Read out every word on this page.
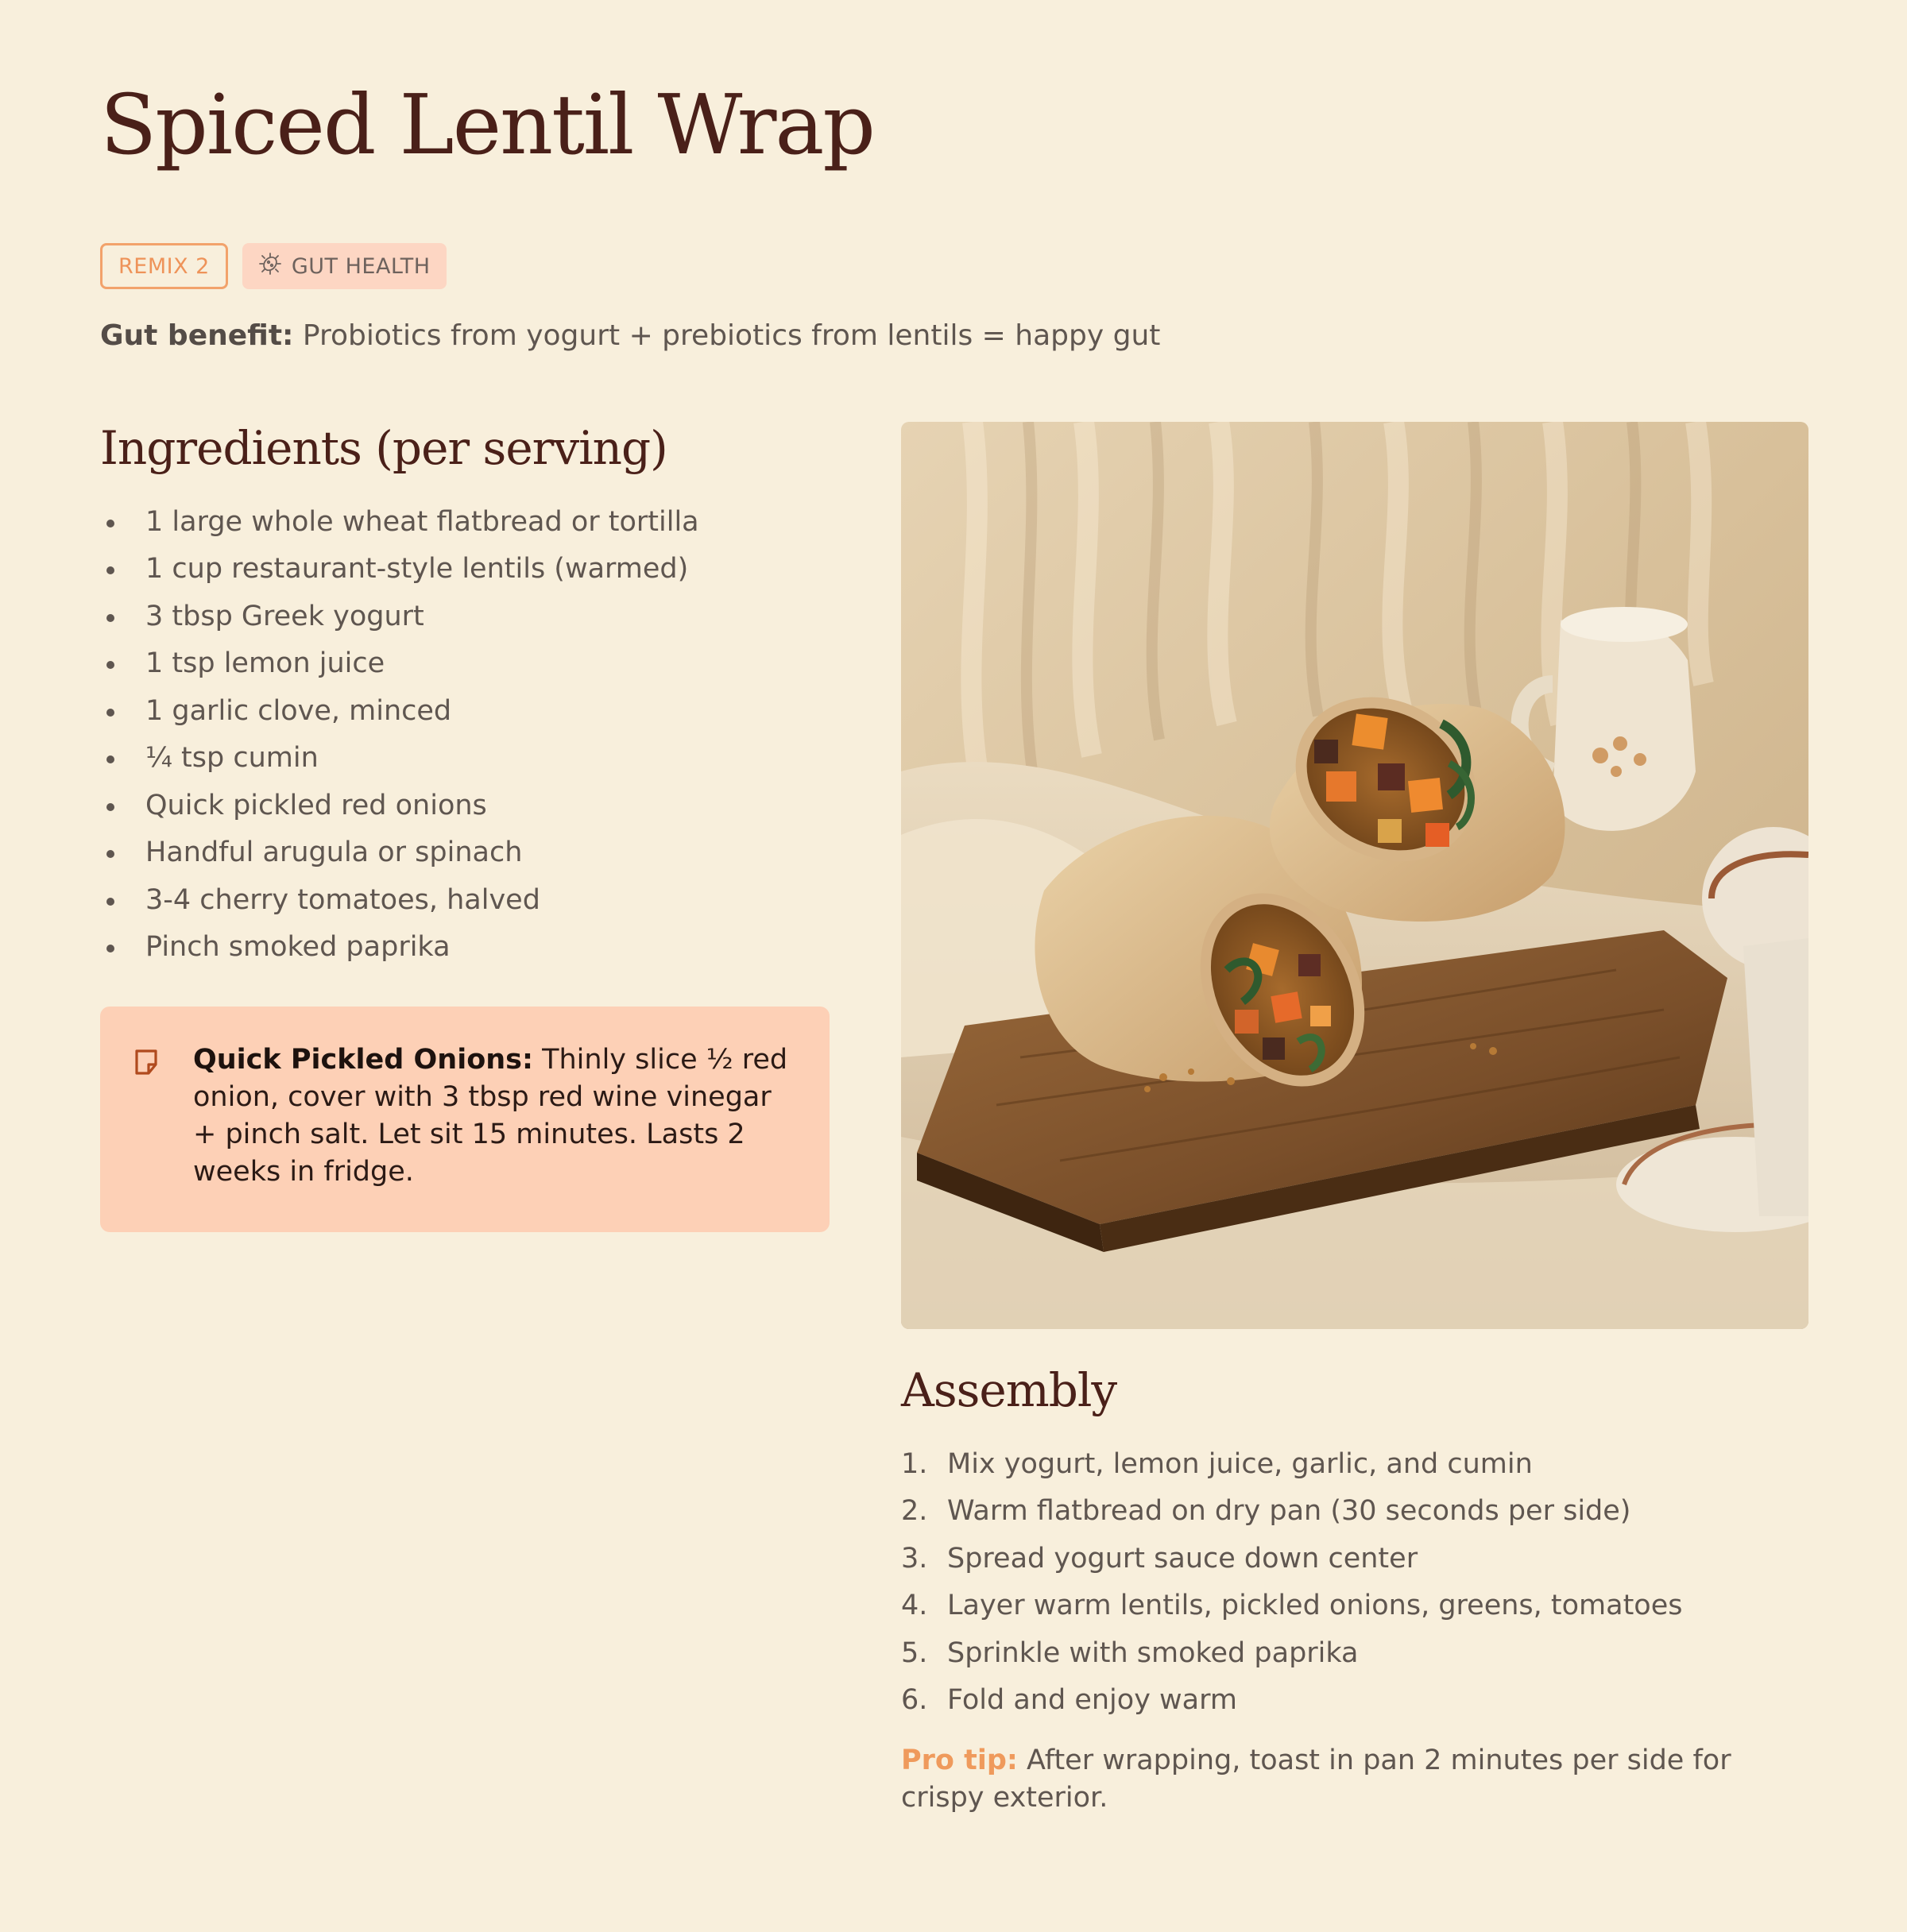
Spiced Lentil Wrap
REMIX 2	GUT HEALTH
Gut benefit: Probiotics from yogurt + prebiotics from lentils = happy gut
Ingredients (per serving)
1 large whole wheat flatbread or tortilla
1 cup restaurant-style lentils (warmed)
3 tbsp Greek yogurt
1 tsp lemon juice
1 garlic clove, minced
¼ tsp cumin
Quick pickled red onions
Handful arugula or spinach
3-4 cherry tomatoes, halved
Pinch smoked paprika

Quick Pickled Onions: Thinly slice ½ red onion, cover with 3 tbsp red wine vinegar + pinch salt. Let sit 15 minutes. Lasts 2 weeks in fridge.

Assembly
1. Mix yogurt, lemon juice, garlic, and cumin
2. Warm flatbread on dry pan (30 seconds per side)
3. Spread yogurt sauce down center
4. Layer warm lentils, pickled onions, greens, tomatoes
5. Sprinkle with smoked paprika
6. Fold and enjoy warm

Pro tip: After wrapping, toast in pan 2 minutes per side for crispy exterior.
